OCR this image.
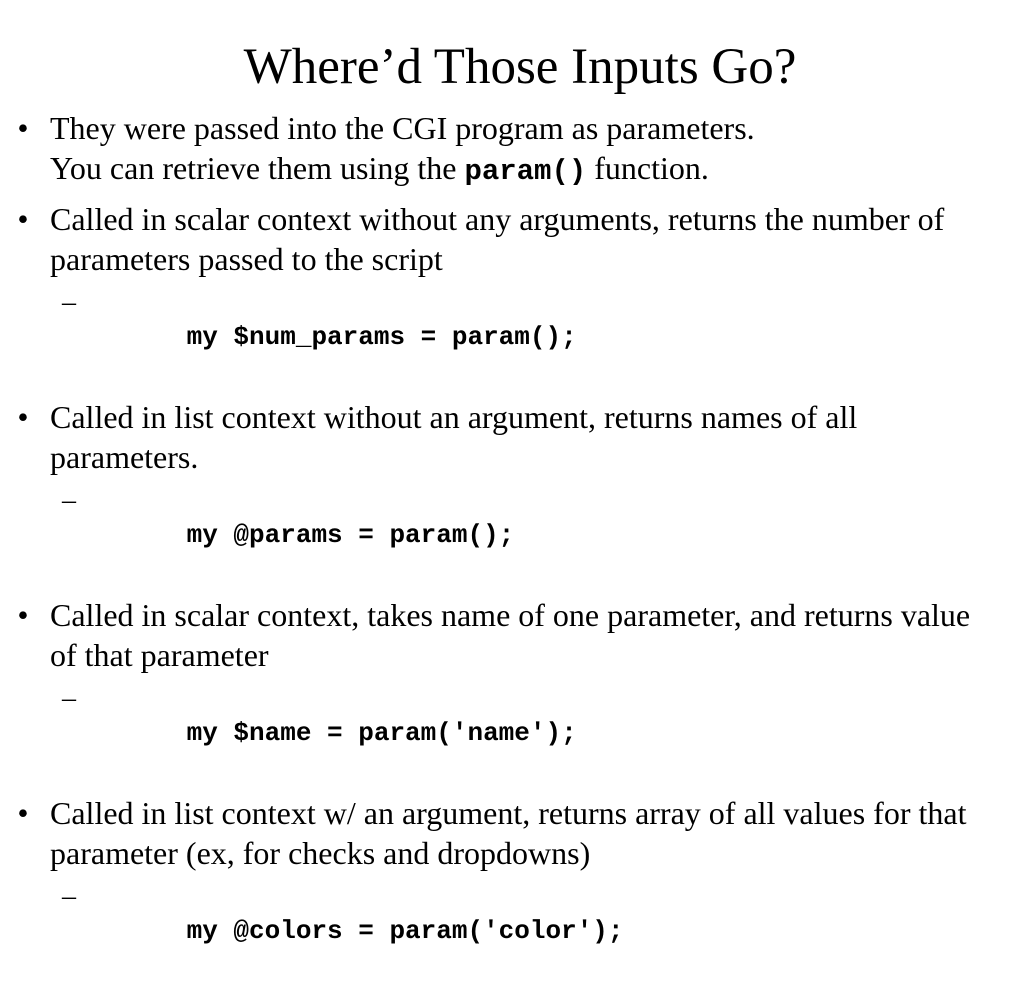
Where’d Those Inputs Go?
• They were passed into the CGI program as parameters.
You can retrieve them using the param() function.
• Called in scalar context without any arguments, returns the number of parameters passed to the script

–
my $num_params = param();

• Called in list context without an argument, returns names of all parameters.

–
my @params = param();

• Called in scalar context, takes name of one parameter, and returns value of that parameter

–
my $name = param('name');

• Called in list context w/ an argument, returns array of all values for that parameter (ex, for checks and dropdowns)

–
my @colors = param('color');
